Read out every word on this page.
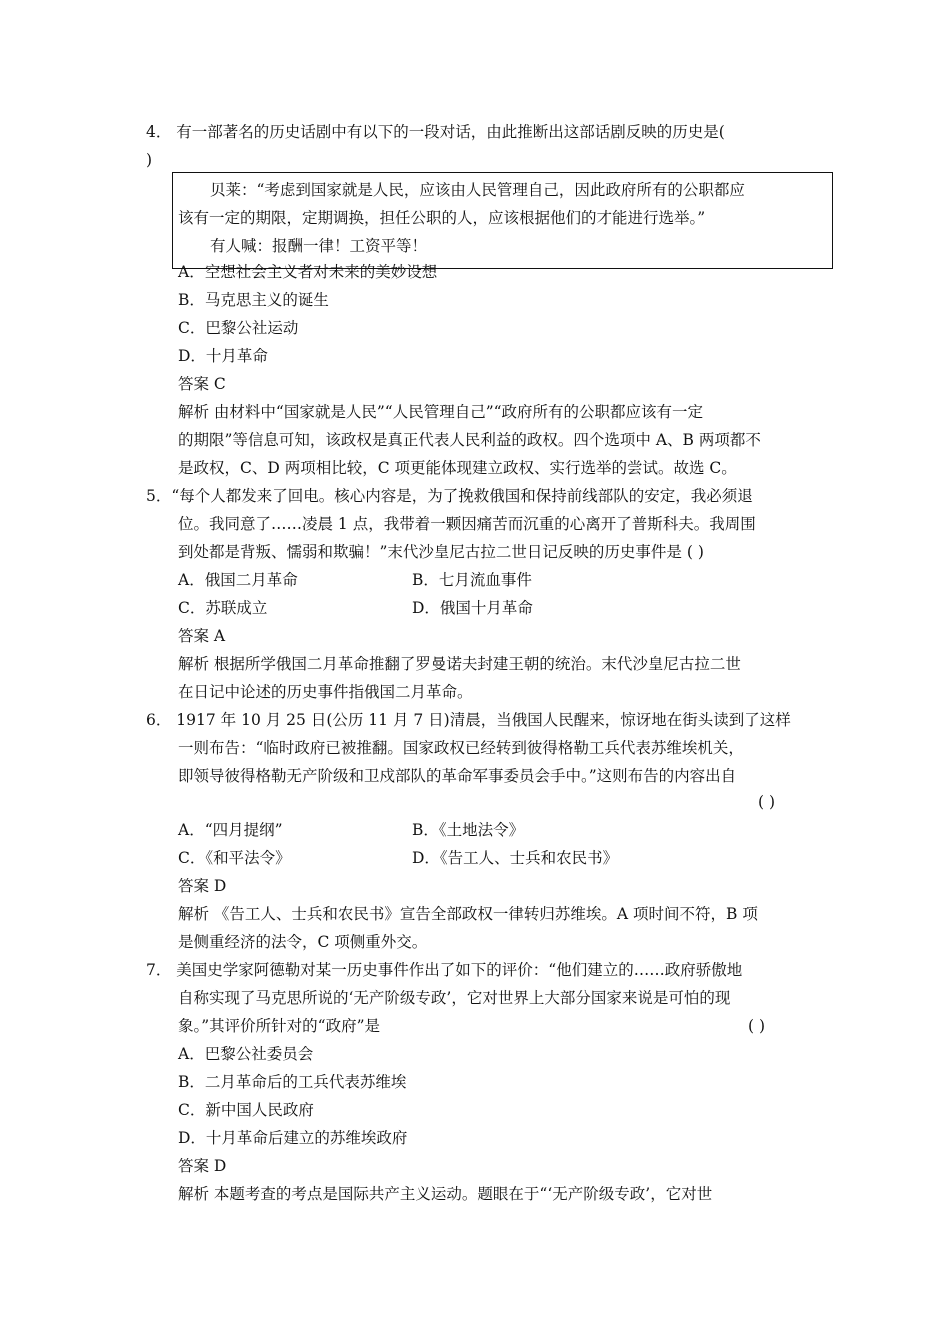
4． 有一部著名的历史话剧中有以下的一段对话，由此推断出这部话剧反映的历史是(
)
贝莱：“考虑到国家就是人民，应该由人民管理自己，因此政府所有的公职都应
该有一定的期限，定期调换，担任公职的人，应该根据他们的才能进行选举。”
有人喊：报酬一律！工资平等！
A．空想社会主义者对未来的美妙设想
B．马克思主义的诞生
C．巴黎公社运动
D．十月革命
答案 C
解析 由材料中“国家就是人民”“人民管理自己”“政府所有的公职都应该有一定
的期限”等信息可知，该政权是真正代表人民利益的政权。四个选项中 A、B 两项都不
是政权，C、D 两项相比较，C 项更能体现建立政权、实行选举的尝试。故选 C。
5．“每个人都发来了回电。核心内容是，为了挽救俄国和保持前线部队的安定，我必须退
位。我同意了……凌晨 1 点，我带着一颗因痛苦而沉重的心离开了普斯科夫。我周围
到处都是背叛、懦弱和欺骗！”末代沙皇尼古拉二世日记反映的历史事件是 ( )
A．俄国二月革命	B．七月流血事件
C．苏联成立	D．俄国十月革命
答案 A
解析 根据所学俄国二月革命推翻了罗曼诺夫封建王朝的统治。末代沙皇尼古拉二世
在日记中论述的历史事件指俄国二月革命。
6． 1917 年 10 月 25 日(公历 11 月 7 日)清晨，当俄国人民醒来，惊讶地在街头读到了这样
一则布告：“临时政府已被推翻。国家政权已经转到彼得格勒工兵代表苏维埃机关，
即领导彼得格勒无产阶级和卫戍部队的革命军事委员会手中。”这则布告的内容出自
( )
A．“四月提纲”	B．《土地法令》
C．《和平法令》	D．《告工人、士兵和农民书》
答案 D
解析 《告工人、士兵和农民书》宣告全部政权一律转归苏维埃。A 项时间不符，B 项
是侧重经济的法令，C 项侧重外交。
7． 美国史学家阿德勒对某一历史事件作出了如下的评价：“他们建立的……政府骄傲地
自称实现了马克思所说的‘无产阶级专政’，它对世界上大部分国家来说是可怕的现
象。”其评价所针对的“政府”是	( )
A．巴黎公社委员会
B．二月革命后的工兵代表苏维埃
C．新中国人民政府
D．十月革命后建立的苏维埃政府
答案 D
解析 本题考查的考点是国际共产主义运动。题眼在于“‘无产阶级专政’，它对世
